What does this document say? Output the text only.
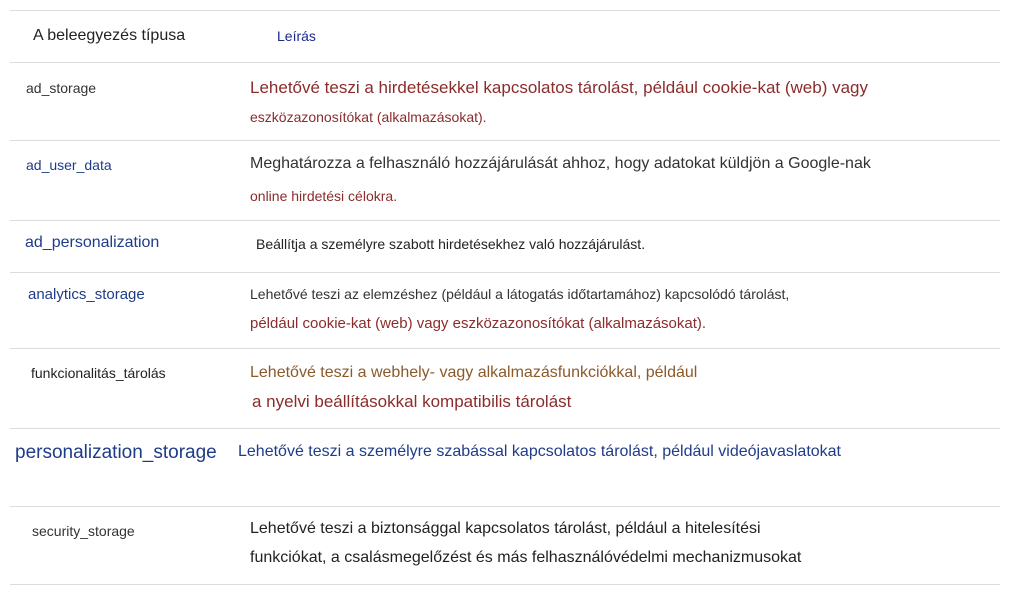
A beleegyezés típusa	Leírás
ad_storage	Lehetővé teszi a hirdetésekkel kapcsolatos tárolást, például cookie-kat (web) vagy
eszközazonosítókat (alkalmazásokat).
ad_user_data	Meghatározza a felhasználó hozzájárulását ahhoz, hogy adatokat küldjön a Google-nak
online hirdetési célokra.
ad_personalization	Beállítja a személyre szabott hirdetésekhez való hozzájárulást.
analytics_storage	Lehetővé teszi az elemzéshez (például a látogatás időtartamához) kapcsolódó tárolást,
például cookie-kat (web) vagy eszközazonosítókat (alkalmazásokat).
funkcionalitás_tárolás	Lehetővé teszi a webhely- vagy alkalmazásfunkciókkal, például
a nyelvi beállításokkal kompatibilis tárolást
personalization_storage Lehetővé teszi a személyre szabással kapcsolatos tárolást, például videójavaslatokat
security_storage	Lehetővé teszi a biztonsággal kapcsolatos tárolást, például a hitelesítési
funkciókat, a csalásmegelőzést és más felhasználóvédelmi mechanizmusokat
